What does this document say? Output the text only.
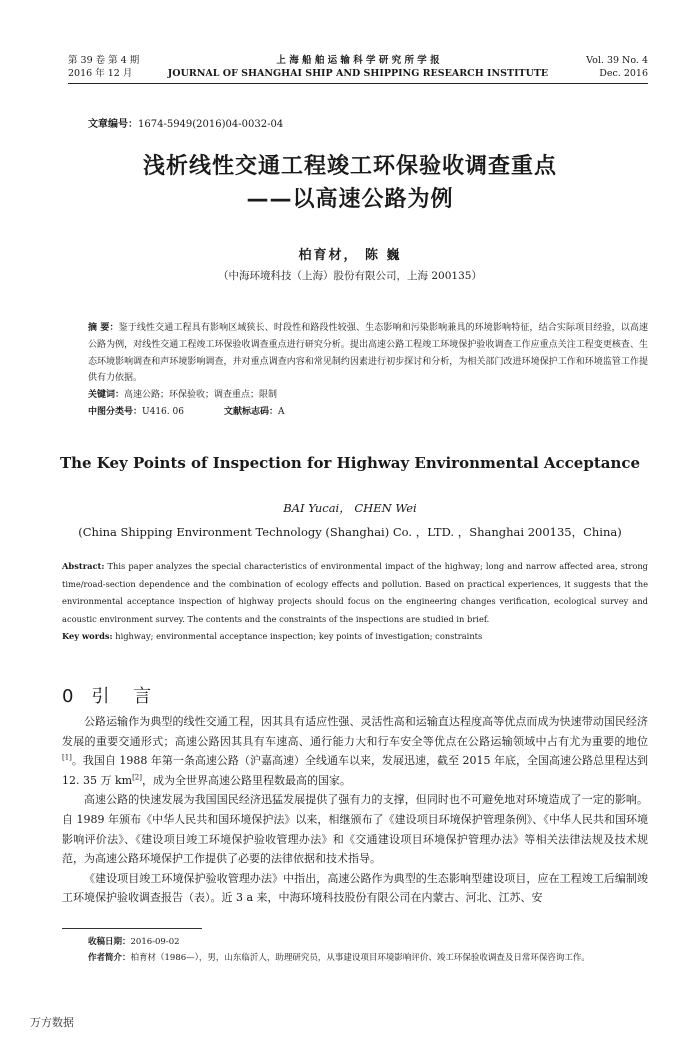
第 39 卷 第 4 期
2016 年 12 月
上 海 船 舶 运 输 科 学 研 究 所 学 报
JOURNAL OF SHANGHAI SHIP AND SHIPPING RESEARCH INSTITUTE
Vol. 39 No. 4
Dec. 2016
文章编号：1674-5949(2016)04-0032-04
浅析线性交通工程竣工环保验收调查重点
——以高速公路为例
柏育材， 陈 巍
（中海环境科技（上海）股份有限公司，上海 200135）
摘 要：鉴于线性交通工程具有影响区域狭长、时段性和路段性较强、生态影响和污染影响兼具的环境影响特征，结合实际项目经验，以高速公路为例，对线性交通工程竣工环保验收调查重点进行研究分析。提出高速公路工程竣工环境保护验收调查工作应重点关注工程变更核查、生态环境影响调查和声环境影响调查，并对重点调查内容和常见制约因素进行初步探讨和分析，为相关部门改进环境保护工作和环境监管工作提供有力依据。
关键词：高速公路；环保验收；调查重点；限制
中图分类号： U416. 06	文献标志码： A
The Key Points of Inspection for Highway Environmental Acceptance
BAI Yucai， CHEN Wei
(China Shipping Environment Technology (Shanghai) Co. ，LTD. ，Shanghai 200135，China)
Abstract: This paper analyzes the special characteristics of environmental impact of the highway; long and narrow affected area, strong time/road-section dependence and the combination of ecology effects and pollution. Based on practical experiences, it suggests that the environmental acceptance inspection of highway projects should focus on the engineering changes verification, ecological survey and acoustic environment survey. The contents and the constraints of the inspections are studied in brief.
Key words: highway; environmental acceptance inspection; key points of investigation; constraints
0 引 言

公路运输作为典型的线性交通工程，因其具有适应性强、灵活性高和运输直达程度高等优点而成为快速带动国民经济发展的重要交通形式；高速公路因其具有车速高、通行能力大和行车安全等优点在公路运输领域中占有尤为重要的地位[1]。我国自 1988 年第一条高速公路（沪嘉高速）全线通车以来，发展迅速，截至 2015 年底，全国高速公路总里程达到 12. 35 万 km[2]，成为全世界高速公路里程数最高的国家。

高速公路的快速发展为我国国民经济迅猛发展提供了强有力的支撑，但同时也不可避免地对环境造成了一定的影响。自 1989 年颁布《中华人民共和国环境保护法》以来，相继颁布了《建设项目环境保护管理条例》、《中华人民共和国环境影响评价法》、《建设项目竣工环境保护验收管理办法》和《交通建设项目环境保护管理办法》等相关法律法规及技术规范，为高速公路环境保护工作提供了必要的法律依据和技术指导。

《建设项目竣工环境保护验收管理办法》中指出，高速公路作为典型的生态影响型建设项目，应在工程竣工后编制竣工环境保护验收调查报告（表）。近 3 a 来，中海环境科技股份有限公司在内蒙古、河北、江苏、安

收稿日期：2016-09-02
作者简介：柏育材（1986—），男，山东临沂人，助理研究员，从事建设项目环境影响评价、竣工环保验收调查及日常环保咨询工作。
万方数据
